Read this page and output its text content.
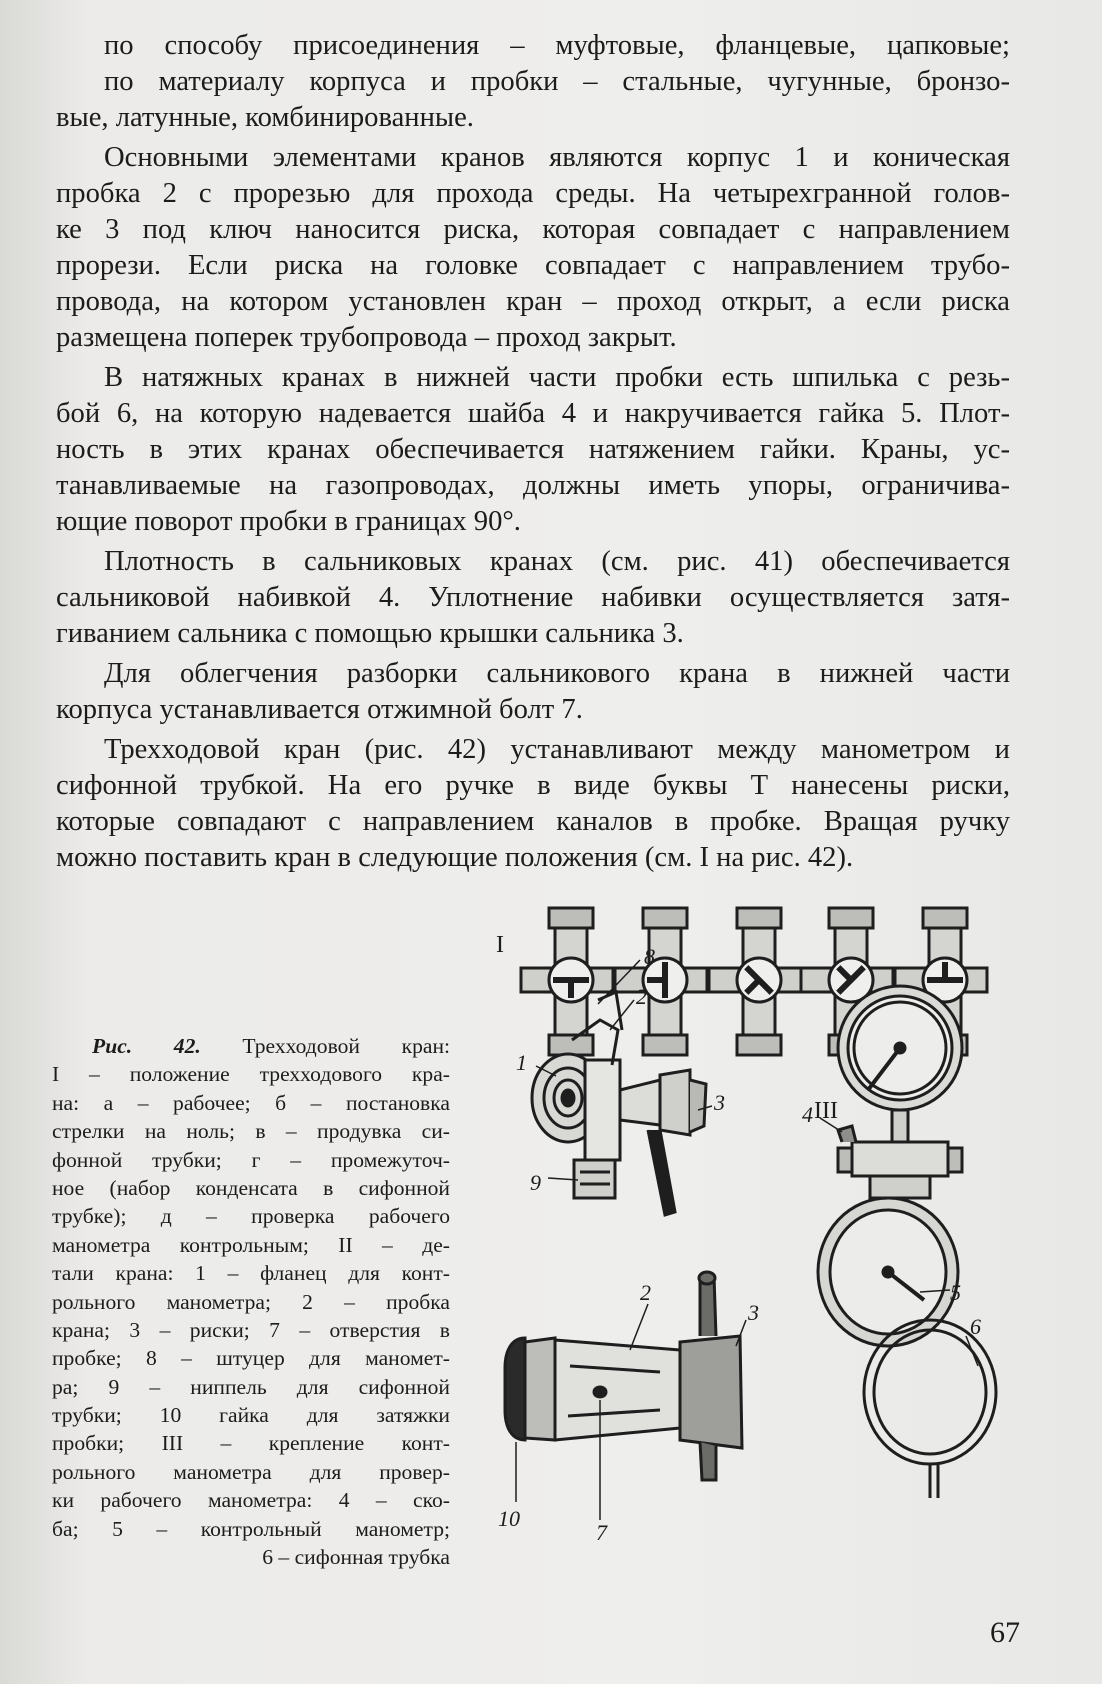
по способу присоединения – муфтовые, фланцевые, цапковые;
по материалу корпуса и пробки – стальные, чугунные, бронзо-
вые, латунные, комбинированные.
Основными элементами кранов являются корпус 1 и коническая
пробка 2 с прорезью для прохода среды. На четырехгранной голов-
ке 3 под ключ наносится риска, которая совпадает с направлением
прорези. Если риска на головке совпадает с направлением трубо-
провода, на котором установлен кран – проход открыт, а если риска
размещена поперек трубопровода – проход закрыт.
В натяжных кранах в нижней части пробки есть шпилька с резь-
бой 6, на которую надевается шайба 4 и накручивается гайка 5. Плот-
ность в этих кранах обеспечивается натяжением гайки. Краны, ус-
танавливаемые на газопроводах, должны иметь упоры, ограничива-
ющие поворот пробки в границах 90°.
Плотность в сальниковых кранах (см. рис. 41) обеспечивается
сальниковой набивкой 4. Уплотнение набивки осуществляется затя-
гиванием сальника с помощью крышки сальника 3.
Для облегчения разборки сальникового крана в нижней части
корпуса устанавливается отжимной болт 7.
Трехходовой кран (рис. 42) устанавливают между манометром и
сифонной трубкой. На его ручке в виде буквы Т нанесены риски,
которые совпадают с направлением каналов в пробке. Вращая ручку
можно поставить кран в следующие положения (см. I на рис. 42).
I
III
1
8
2
3
9
2
3
10
7
4
5
6
Рис. 42. Трехходовой кран:
I – положение трехходового кра-
на: а – рабочее; б – постановка
стрелки на ноль; в – продувка си-
фонной трубки; г – промежуточ-
ное (набор конденсата в сифонной
трубке); д – проверка рабочего
манометра контрольным; II – де-
тали крана: 1 – фланец для конт-
рольного манометра; 2 – пробка
крана; 3 – риски; 7 – отверстия в
пробке; 8 – штуцер для маномет-
ра; 9 – ниппель для сифонной
трубки; 10 гайка для затяжки
пробки; III – крепление конт-
рольного манометра для провер-
ки рабочего манометра: 4 – ско-
ба; 5 – контрольный манометр;
6 – сифонная трубка
67
